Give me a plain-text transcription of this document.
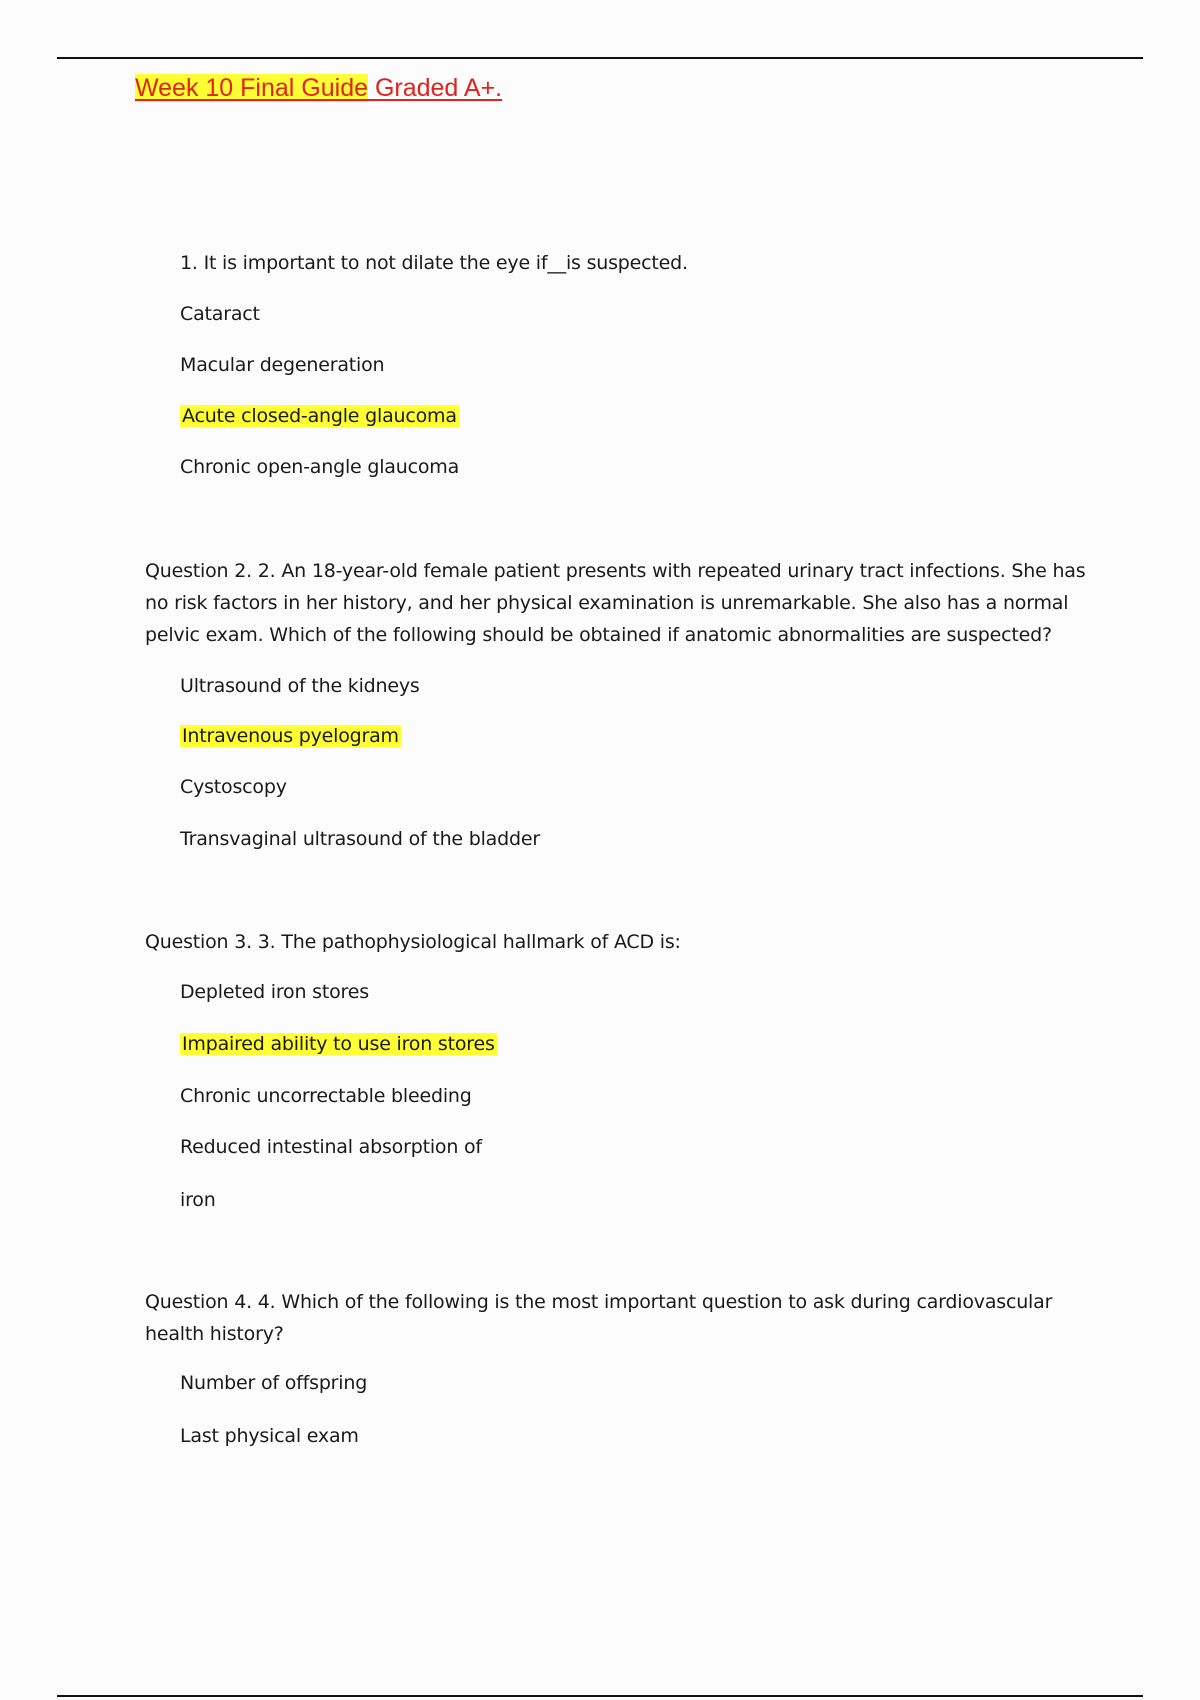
Week 10 Final Guide Graded A+.
1. It is important to not dilate the eye if__is suspected.
Cataract
Macular degeneration
Acute closed-angle glaucoma
Chronic open-angle glaucoma
Question 2. 2. An 18-year-old female patient presents with repeated urinary tract infections. She has no risk factors in her history, and her physical examination is unremarkable. She also has a normal pelvic exam. Which of the following should be obtained if anatomic abnormalities are suspected?
Ultrasound of the kidneys
Intravenous pyelogram
Cystoscopy
Transvaginal ultrasound of the bladder
Question 3. 3. The pathophysiological hallmark of ACD is:
Depleted iron stores
Impaired ability to use iron stores
Chronic uncorrectable bleeding
Reduced intestinal absorption of
iron
Question 4. 4. Which of the following is the most important question to ask during cardiovascular health history?
Number of offspring
Last physical exam
